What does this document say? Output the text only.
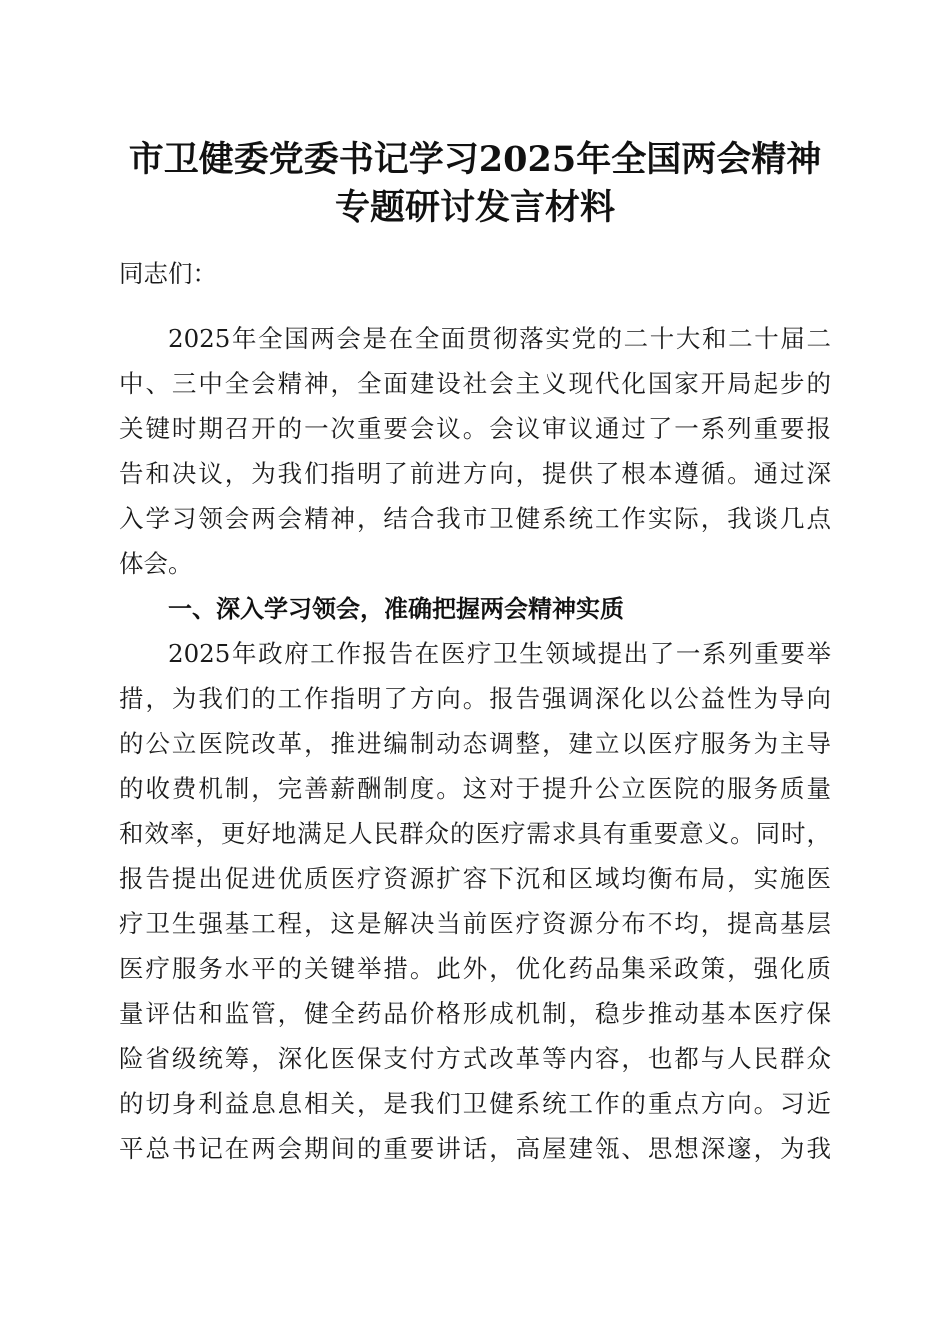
市卫健委党委书记学习2025年全国两会精神
专题研讨发言材料
同志们：
2025年全国两会是在全面贯彻落实党的二十大和二十届二
中、三中全会精神，全面建设社会主义现代化国家开局起步的
关键时期召开的一次重要会议。会议审议通过了一系列重要报
告和决议，为我们指明了前进方向，提供了根本遵循。通过深
入学习领会两会精神，结合我市卫健系统工作实际，我谈几点
体会。
一、深入学习领会，准确把握两会精神实质
2025年政府工作报告在医疗卫生领域提出了一系列重要举
措，为我们的工作指明了方向。报告强调深化以公益性为导向
的公立医院改革，推进编制动态调整，建立以医疗服务为主导
的收费机制，完善薪酬制度。这对于提升公立医院的服务质量
和效率，更好地满足人民群众的医疗需求具有重要意义。同时，
报告提出促进优质医疗资源扩容下沉和区域均衡布局，实施医
疗卫生强基工程，这是解决当前医疗资源分布不均，提高基层
医疗服务水平的关键举措。此外，优化药品集采政策，强化质
量评估和监管，健全药品价格形成机制，稳步推动基本医疗保
险省级统筹，深化医保支付方式改革等内容，也都与人民群众
的切身利益息息相关，是我们卫健系统工作的重点方向。习近
平总书记在两会期间的重要讲话，高屋建瓴、思想深邃，为我
